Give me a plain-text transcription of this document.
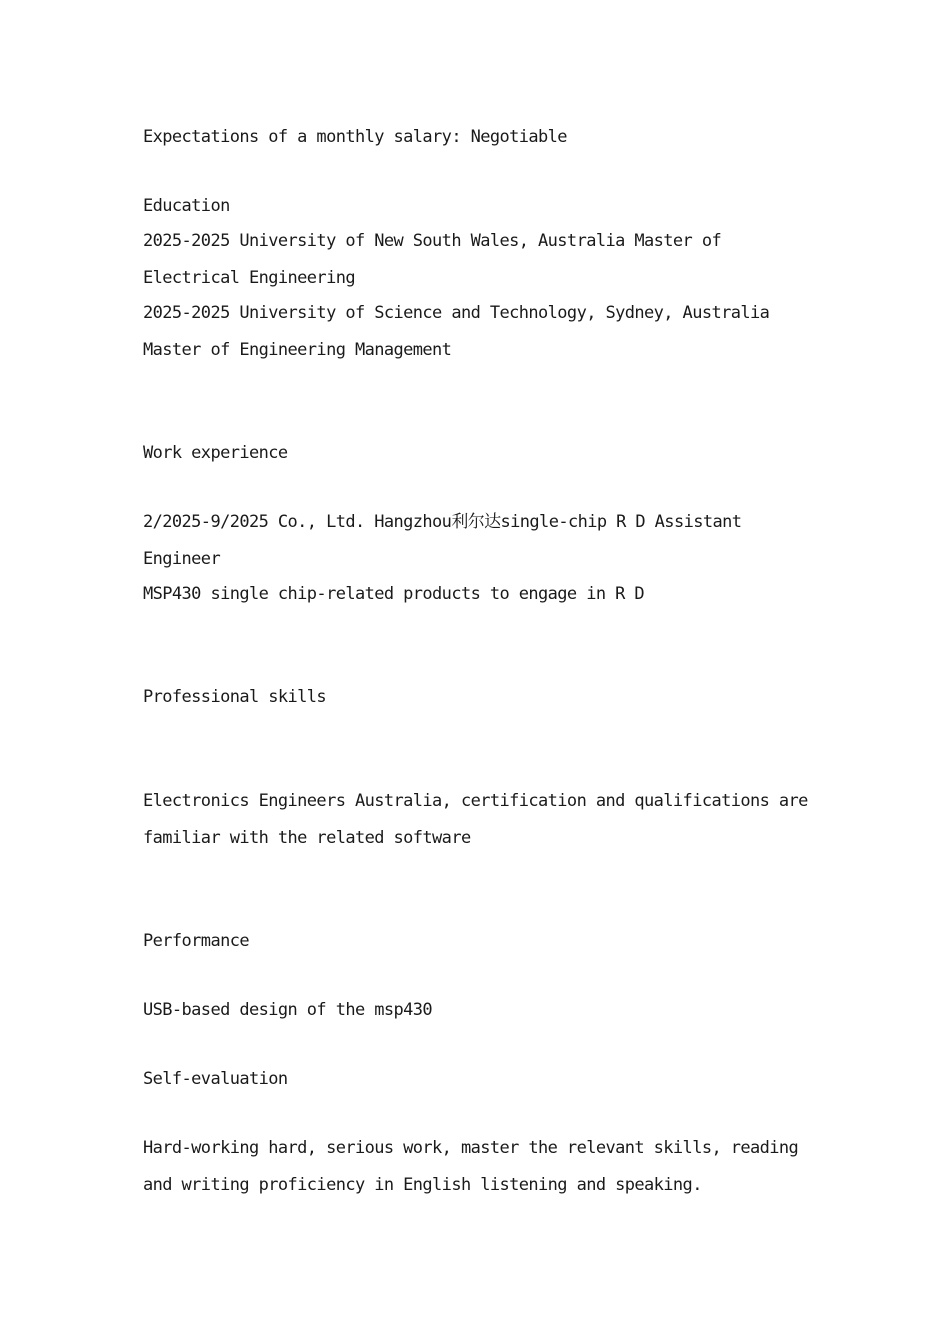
Expectations of a monthly salary: Negotiable
Education
2025-2025 University of New South Wales, Australia Master of
Electrical Engineering
2025-2025 University of Science and Technology, Sydney, Australia
Master of Engineering Management
Work experience
2/2025-9/2025 Co., Ltd. Hangzhou利尔达single-chip R D Assistant
Engineer
MSP430 single chip-related products to engage in R D
Professional skills
Electronics Engineers Australia, certification and qualifications are
familiar with the related software
Performance
USB-based design of the msp430
Self-evaluation
Hard-working hard, serious work, master the relevant skills, reading
and writing proficiency in English listening and speaking.
